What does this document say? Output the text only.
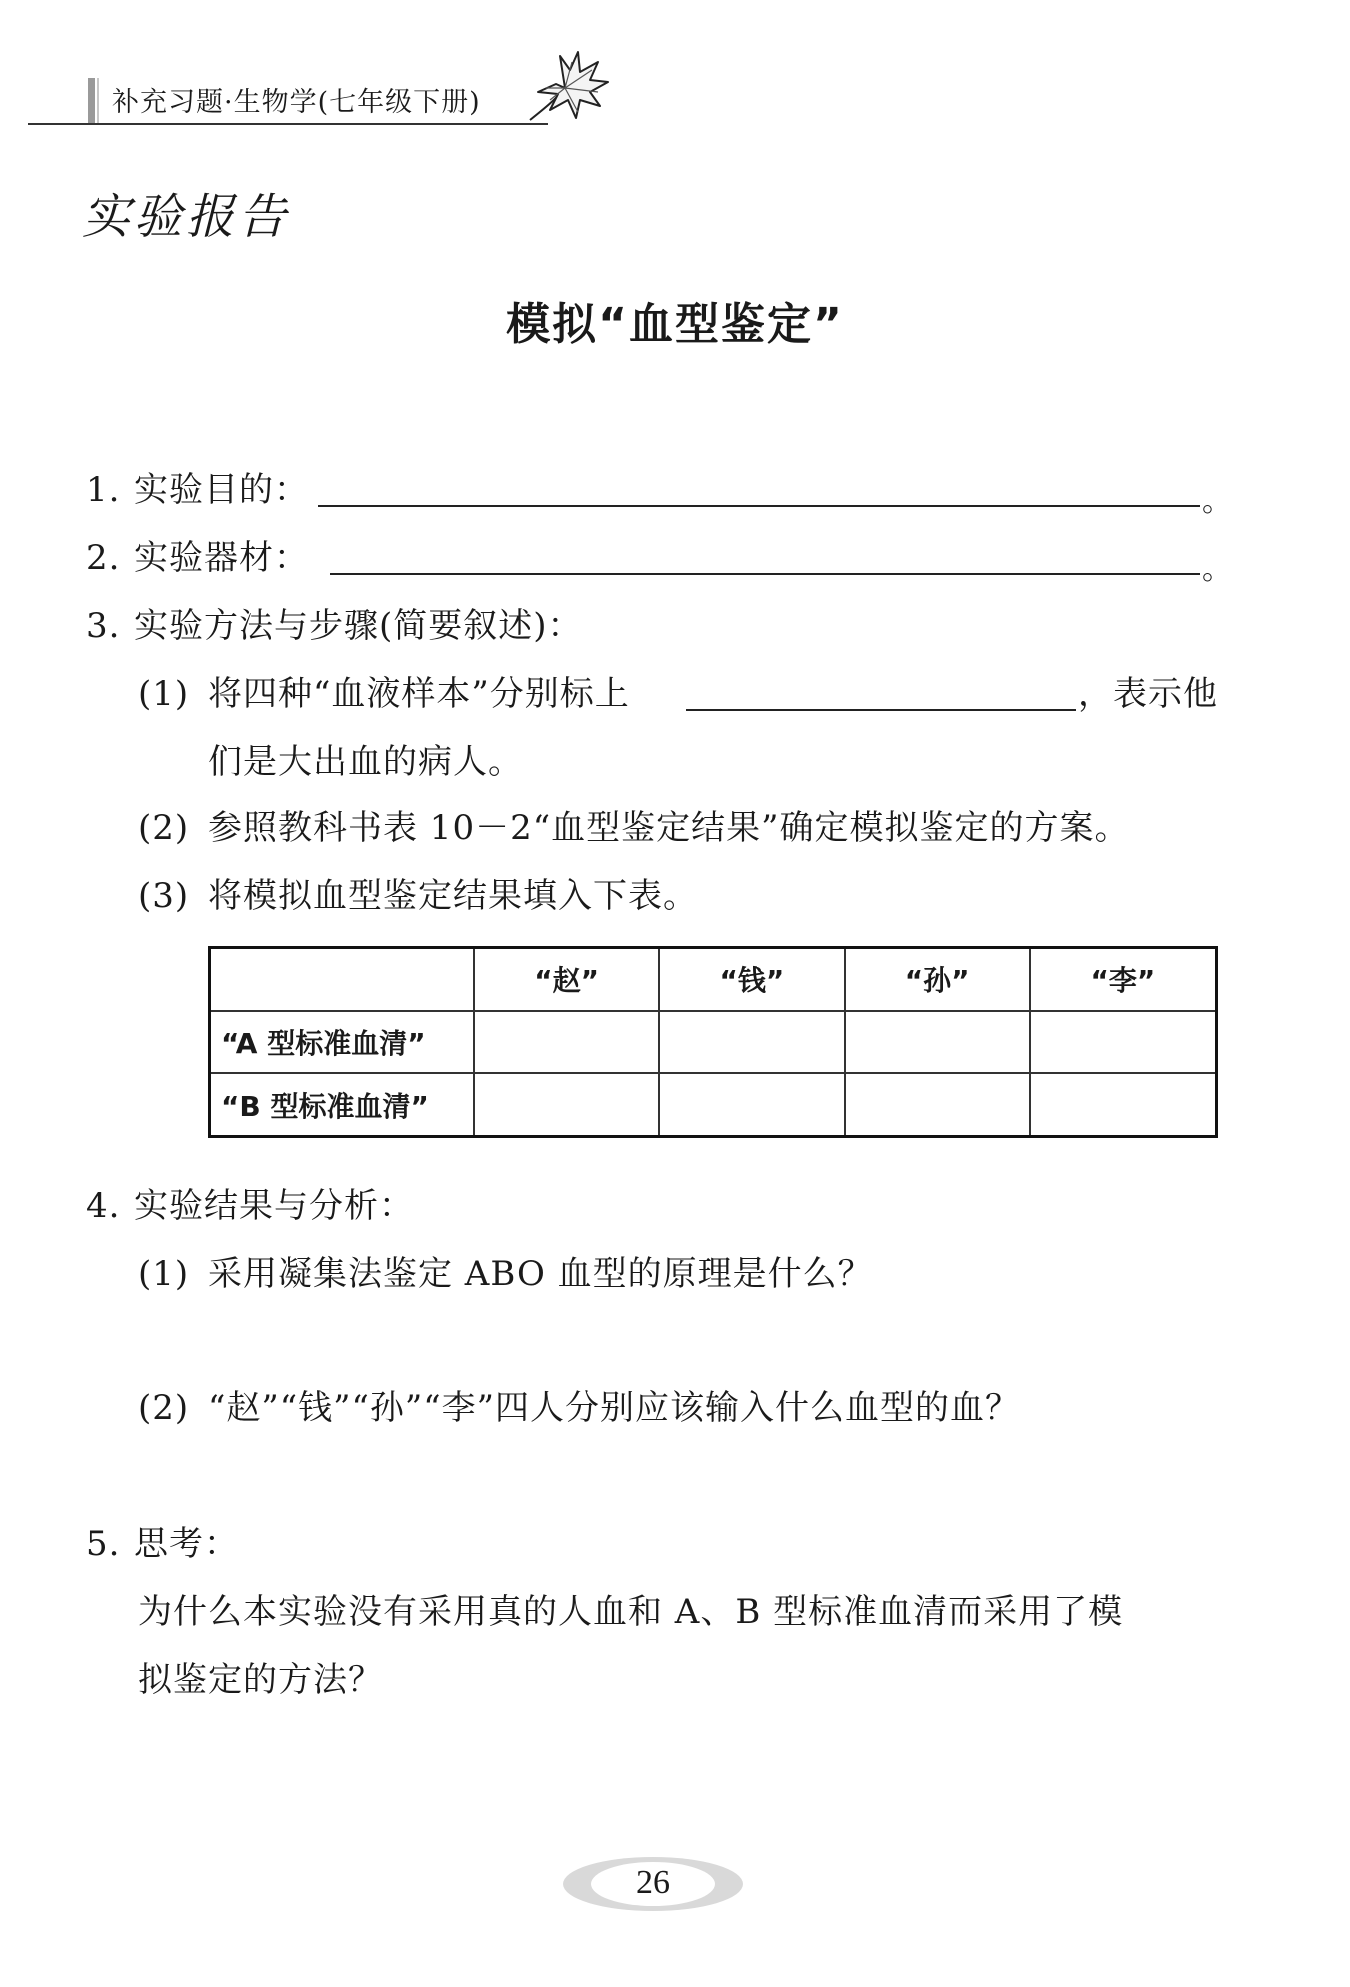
补充习题·生物学(七年级下册)
实验报告
模拟“血型鉴定”
1. 实验目的：	。
2. 实验器材：	。
3. 实验方法与步骤(简要叙述)：
(1) 将四种“血液样本”分别标上	，表示他
们是大出血的病人。
(2) 参照教科书表 10－2“血型鉴定结果”确定模拟鉴定的方案。
(3) 将模拟血型鉴定结果填入下表。
	“赵”	“钱”	“孙”	“李”
“A 型标准血清”				
“B 型标准血清”				
4. 实验结果与分析：
(1) 采用凝集法鉴定 ABO 血型的原理是什么？
(2) “赵”“钱”“孙”“李”四人分别应该输入什么血型的血？
5. 思考：
为什么本实验没有采用真的人血和 A、B 型标准血清而采用了模
拟鉴定的方法？
26
